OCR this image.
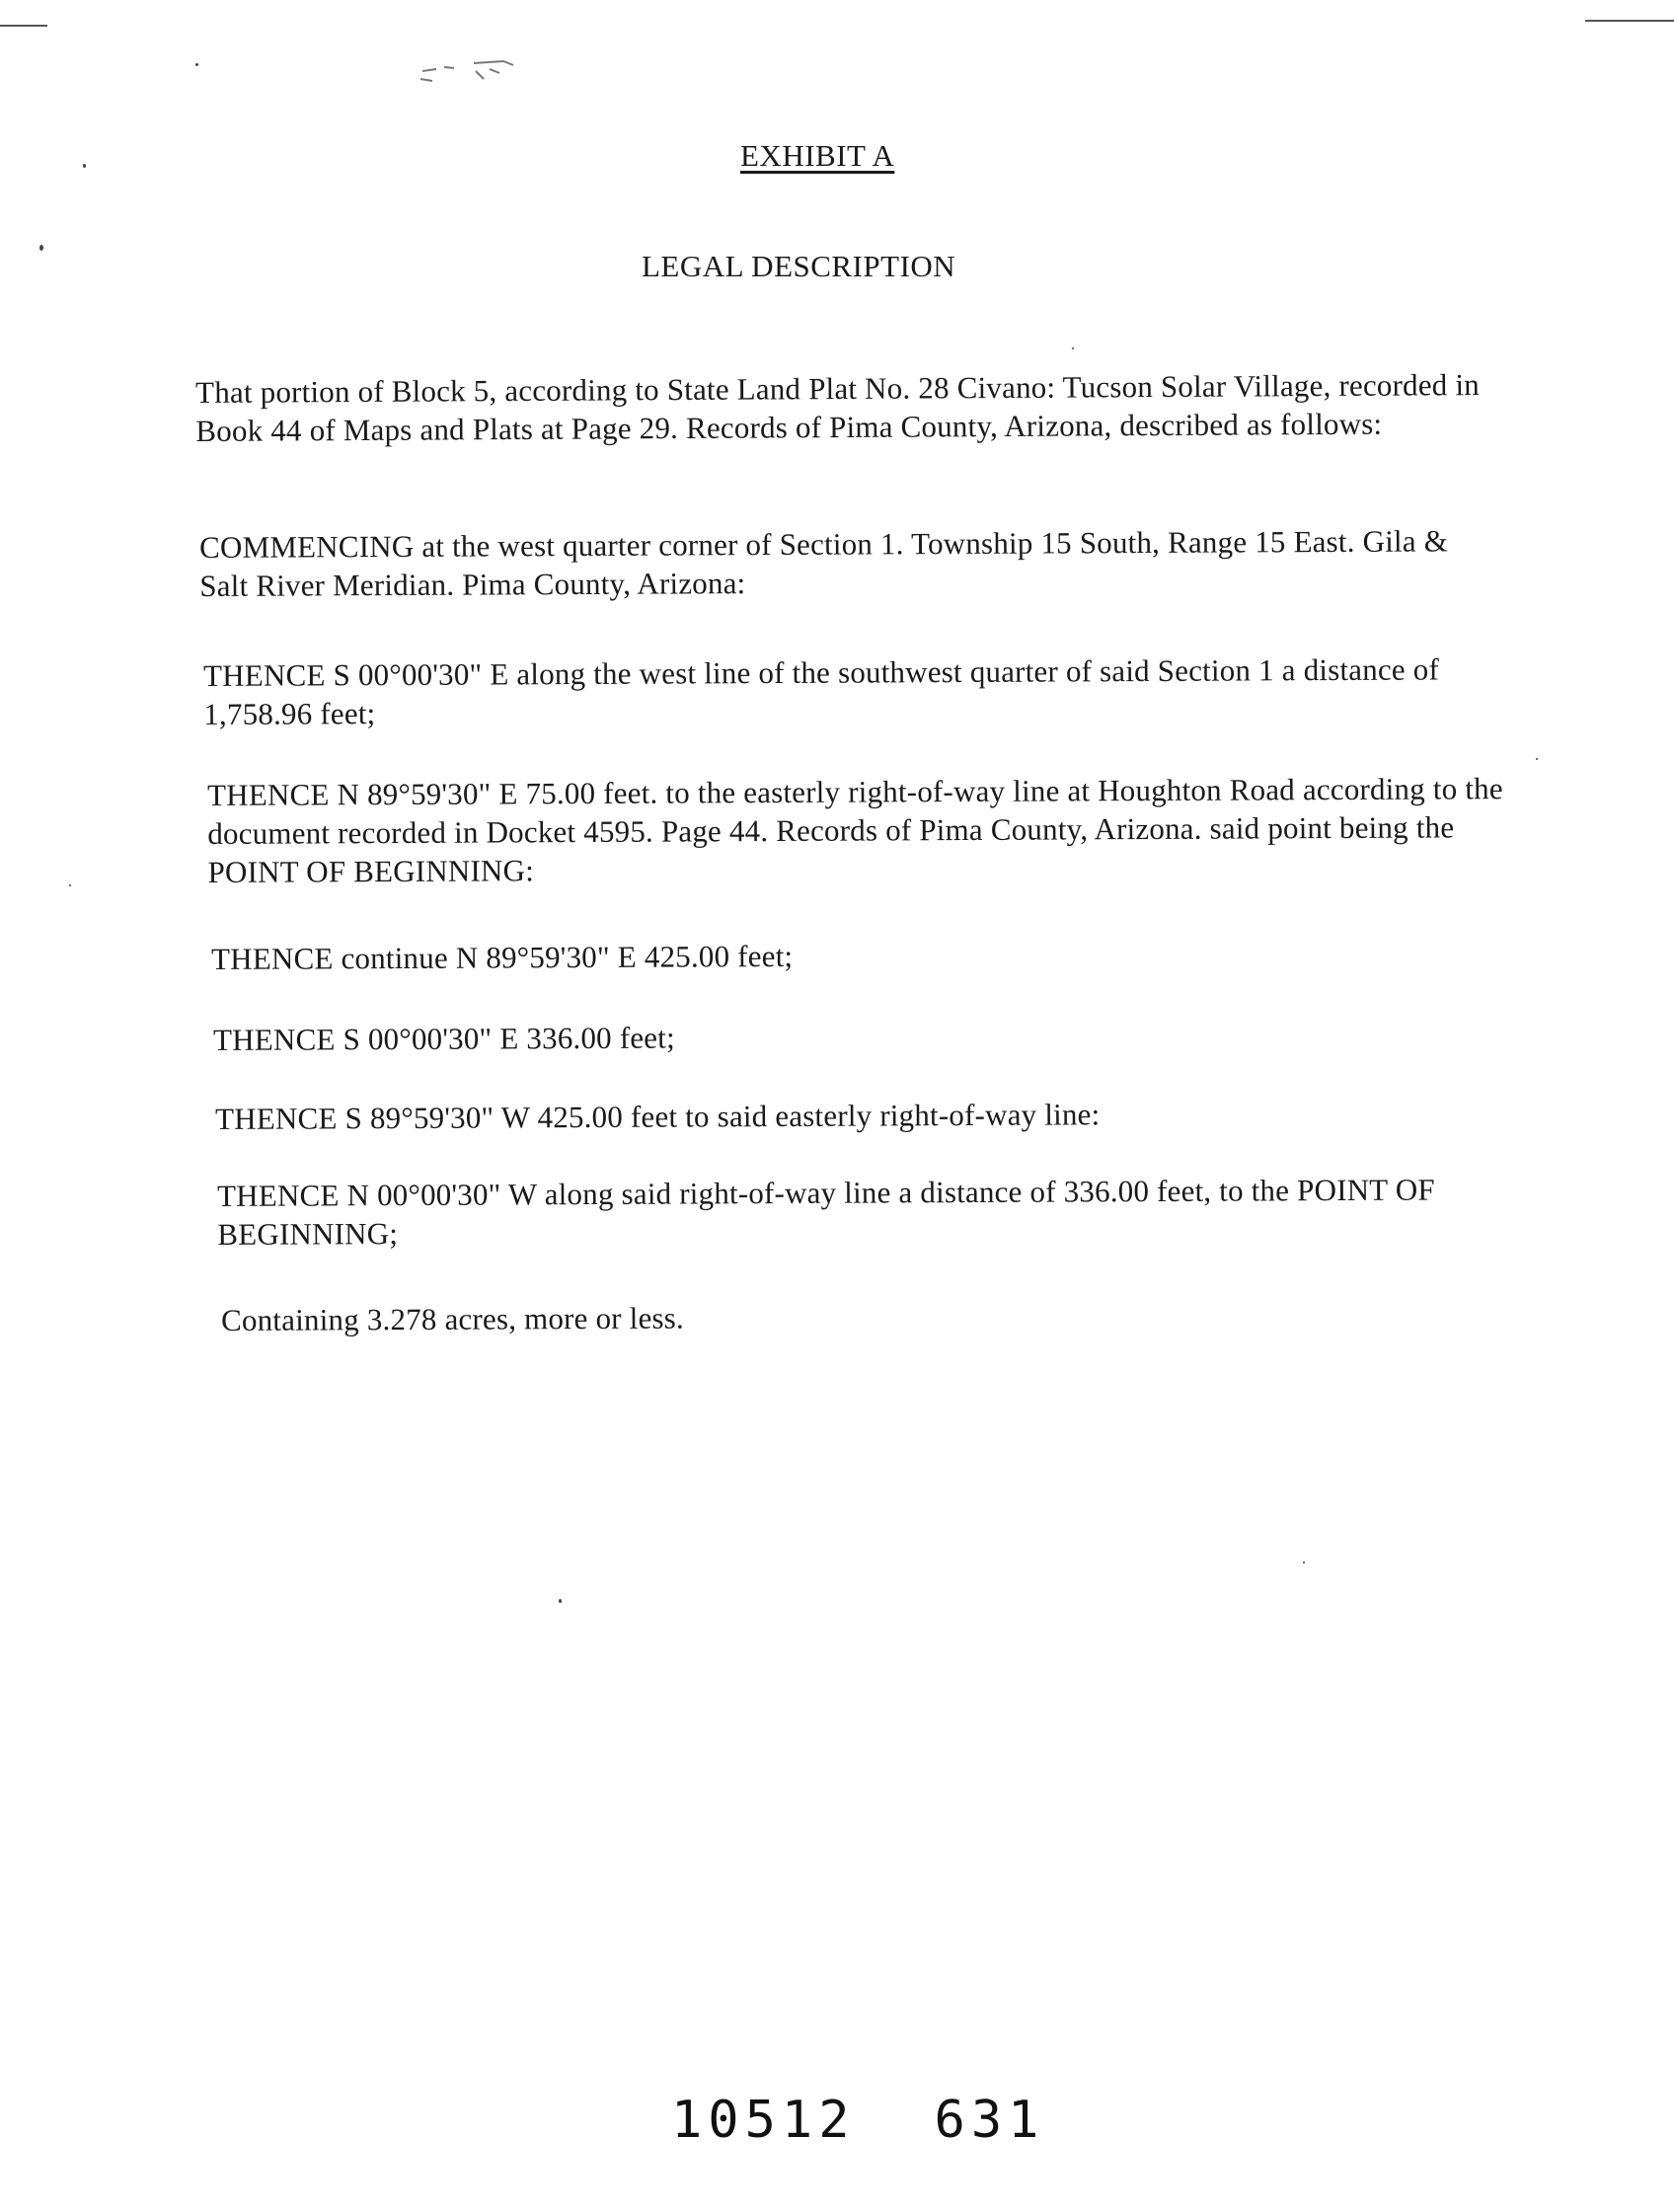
EXHIBIT A
LEGAL DESCRIPTION
That portion of Block 5, according to State Land Plat No. 28 Civano: Tucson Solar Village, recorded in Book 44 of Maps and Plats at Page 29. Records of Pima County, Arizona, described as follows:
COMMENCING at the west quarter corner of Section 1. Township 15 South, Range 15 East. Gila & Salt River Meridian. Pima County, Arizona:
THENCE S 00°00'30" E along the west line of the southwest quarter of said Section 1 a distance of 1,758.96 feet;
THENCE N 89°59'30" E 75.00 feet. to the easterly right-of-way line at Houghton Road according to the document recorded in Docket 4595. Page 44. Records of Pima County, Arizona. said point being the POINT OF BEGINNING:
THENCE continue N 89°59'30" E 425.00 feet;
THENCE S 00°00'30" E 336.00 feet;
THENCE S 89°59'30" W 425.00 feet to said easterly right-of-way line:
THENCE N 00°00'30" W along said right-of-way line a distance of 336.00 feet, to the POINT OF BEGINNING;
Containing 3.278 acres, more or less.
10512 631
